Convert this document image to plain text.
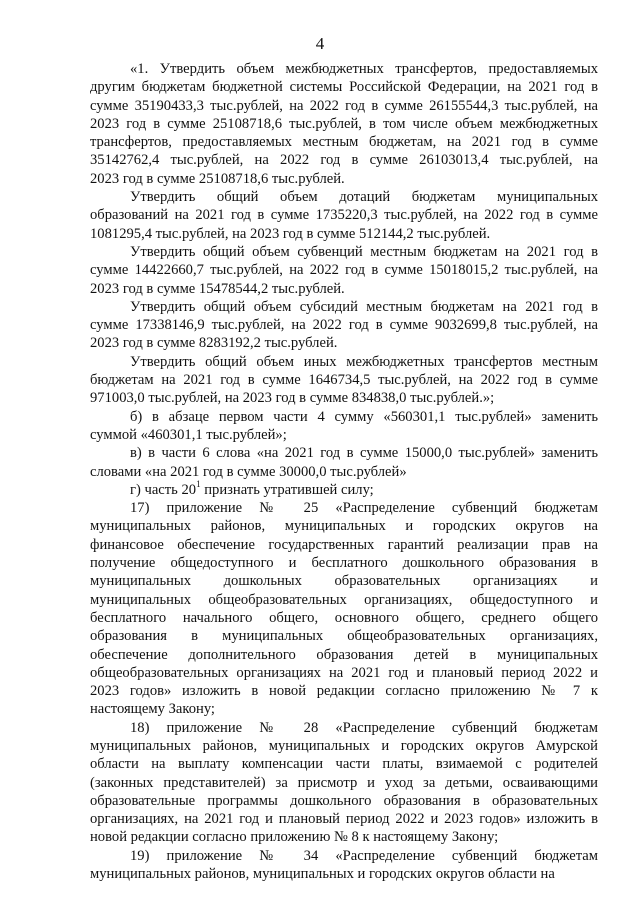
4
«1. Утвердить объем межбюджетных трансфертов, предоставляемых
другим бюджетам бюджетной системы Российской Федерации, на 2021 год в
сумме 35190433,3 тыс.рублей, на 2022 год в сумме 26155544,3 тыс.рублей, на
2023 год в сумме 25108718,6 тыс.рублей, в том числе объем межбюджетных
трансфертов, предоставляемых местным бюджетам, на 2021 год в сумме
35142762,4 тыс.рублей, на 2022 год в сумме 26103013,4 тыс.рублей, на
2023 год в сумме 25108718,6 тыс.рублей.
Утвердить общий объем дотаций бюджетам муниципальных
образований на 2021 год в сумме 1735220,3 тыс.рублей, на 2022 год в сумме
1081295,4 тыс.рублей, на 2023 год в сумме 512144,2 тыс.рублей.
Утвердить общий объем субвенций местным бюджетам на 2021 год в
сумме 14422660,7 тыс.рублей, на 2022 год в сумме 15018015,2 тыс.рублей, на
2023 год в сумме 15478544,2 тыс.рублей.
Утвердить общий объем субсидий местным бюджетам на 2021 год в
сумме 17338146,9 тыс.рублей, на 2022 год в сумме 9032699,8 тыс.рублей, на
2023 год в сумме 8283192,2 тыс.рублей.
Утвердить общий объем иных межбюджетных трансфертов местным
бюджетам на 2021 год в сумме 1646734,5 тыс.рублей, на 2022 год в сумме
971003,0 тыс.рублей, на 2023 год в сумме 834838,0 тыс.рублей.»;
б) в абзаце первом части 4 сумму «560301,1 тыс.рублей» заменить
суммой «460301,1 тыс.рублей»;
в) в части 6 слова «на 2021 год в сумме 15000,0 тыс.рублей» заменить
словами «на 2021 год в сумме 30000,0 тыс.рублей»
г) часть $20^1$ признать утратившей силу;
17) приложение № 25 «Распределение субвенций бюджетам
муниципальных районов, муниципальных и городских округов на
финансовое обеспечение государственных гарантий реализации прав на
получение общедоступного и бесплатного дошкольного образования в
муниципальных дошкольных образовательных организациях и
муниципальных общеобразовательных организациях, общедоступного и
бесплатного начального общего, основного общего, среднего общего
образования в муниципальных общеобразовательных организациях,
обеспечение дополнительного образования детей в муниципальных
общеобразовательных организациях на 2021 год и плановый период 2022 и
2023 годов» изложить в новой редакции согласно приложению № 7 к
настоящему Закону;
18) приложение № 28 «Распределение субвенций бюджетам
муниципальных районов, муниципальных и городских округов Амурской
области на выплату компенсации части платы, взимаемой с родителей
(законных представителей) за присмотр и уход за детьми, осваивающими
образовательные программы дошкольного образования в образовательных
организациях, на 2021 год и плановый период 2022 и 2023 годов» изложить в
новой редакции согласно приложению № 8 к настоящему Закону;
19) приложение № 34 «Распределение субвенций бюджетам
муниципальных районов, муниципальных и городских округов области на
